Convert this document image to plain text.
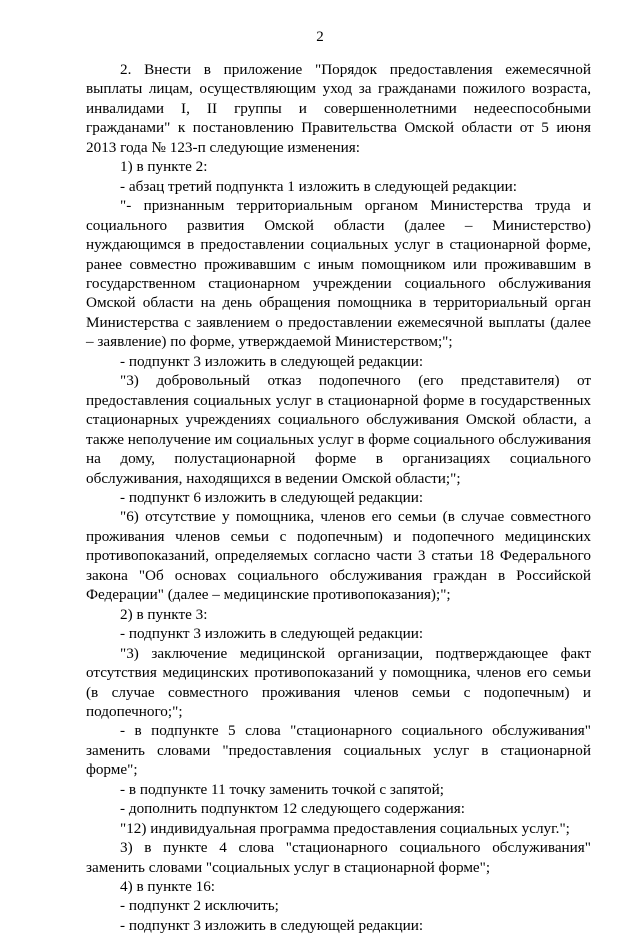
2

2. Внести в приложение "Порядок предоставления ежемесячной выплаты лицам, осуществляющим уход за гражданами пожилого возраста, инвалидами I, II группы и совершеннолетними недееспособными гражданами" к постановлению Правительства Омской области от 5 июня 2013 года № 123-п следующие изменения:

1) в пункте 2:

- абзац третий подпункта 1 изложить в следующей редакции:

"- признанным территориальным органом Министерства труда и социального развития Омской области (далее – Министерство) нуждающимся в предоставлении социальных услуг в стационарной форме, ранее совместно проживавшим с иным помощником или проживавшим в государственном стационарном учреждении социального обслуживания Омской области на день обращения помощника в территориальный орган Министерства с заявлением о предоставлении ежемесячной выплаты (далее – заявление) по форме, утверждаемой Министерством;";

- подпункт 3 изложить в следующей редакции:

"3) добровольный отказ подопечного (его представителя) от предоставления социальных услуг в стационарной форме в государственных стационарных учреждениях социального обслуживания Омской области, а также неполучение им социальных услуг в форме социального обслуживания на дому, полустационарной форме в организациях социального обслуживания, находящихся в ведении Омской области;";

- подпункт 6 изложить в следующей редакции:

"6) отсутствие у помощника, членов его семьи (в случае совместного проживания членов семьи с подопечным) и подопечного медицинских противопоказаний, определяемых согласно части 3 статьи 18 Федерального закона "Об основах социального обслуживания граждан в Российской Федерации" (далее – медицинские противопоказания);";

2) в пункте 3:

- подпункт 3 изложить в следующей редакции:

"3) заключение медицинской организации, подтверждающее факт отсутствия медицинских противопоказаний у помощника, членов его семьи (в случае совместного проживания членов семьи с подопечным) и подопечного;";

- в подпункте 5 слова "стационарного социального обслуживания" заменить словами "предоставления социальных услуг в стационарной форме";

- в подпункте 11 точку заменить точкой с запятой;

- дополнить подпунктом 12 следующего содержания:

"12) индивидуальная программа предоставления социальных услуг.";

3) в пункте 4 слова "стационарного социального обслуживания" заменить словами "социальных услуг в стационарной форме";

4) в пункте 16:

- подпункт 2 исключить;

- подпункт 3 изложить в следующей редакции:
